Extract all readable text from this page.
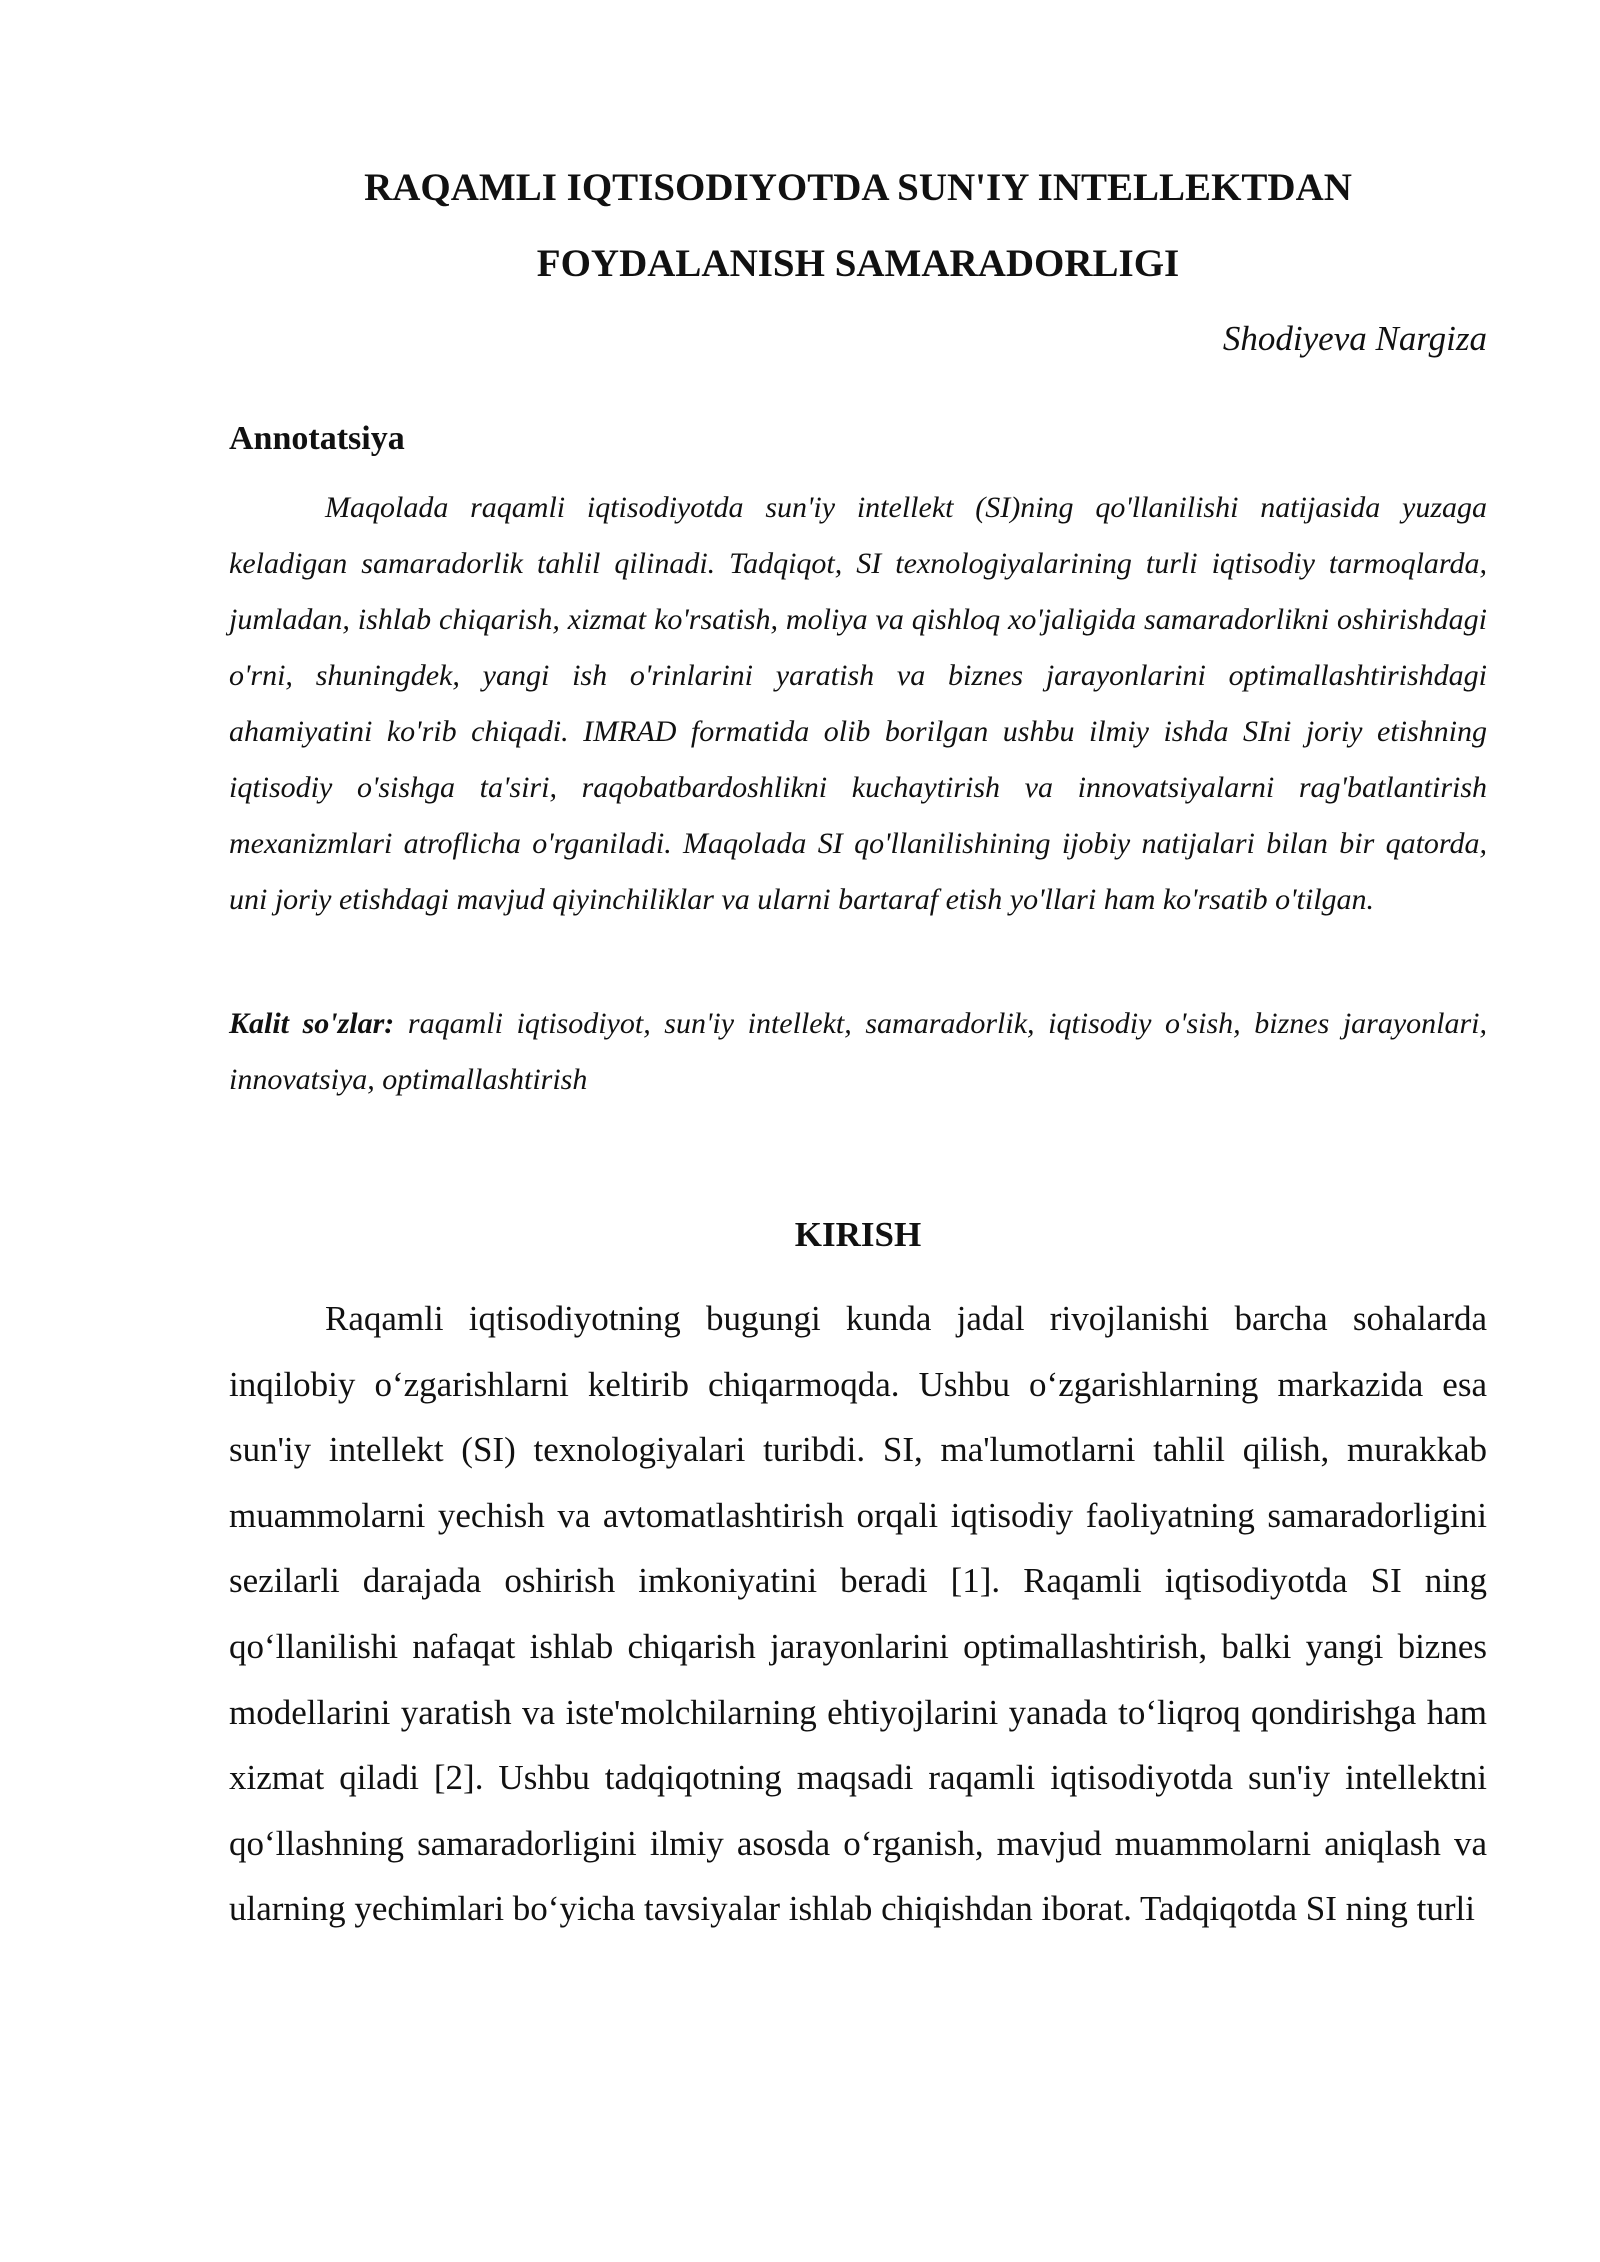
RAQAMLI IQTISODIYOTDA SUN'IY INTELLEKTDAN
FOYDALANISH SAMARADORLIGI

Shodiyeva Nargiza

Annotatsiya

Maqolada raqamli iqtisodiyotda sun'iy intellekt (SI)ning qo'llanilishi natijasida yuzaga keladigan samaradorlik tahlil qilinadi. Tadqiqot, SI texnologiyalarining turli iqtisodiy tarmoqlarda, jumladan, ishlab chiqarish, xizmat ko'rsatish, moliya va qishloq xo'jaligida samaradorlikni oshirishdagi o'rni, shuningdek, yangi ish o'rinlarini yaratish va biznes jarayonlarini optimallashtirishdagi ahamiyatini ko'rib chiqadi. IMRAD formatida olib borilgan ushbu ilmiy ishda SIni joriy etishning iqtisodiy o'sishga ta'siri, raqobatbardoshlikni kuchaytirish va innovatsiyalarni rag'batlantirish mexanizmlari atroflicha o'rganiladi. Maqolada SI qo'llanilishining ijobiy natijalari bilan bir qatorda, uni joriy etishdagi mavjud qiyinchiliklar va ularni bartaraf etish yo'llari ham ko'rsatib o'tilgan.

Kalit so'zlar: raqamli iqtisodiyot, sun'iy intellekt, samaradorlik, iqtisodiy o'sish, biznes jarayonlari, innovatsiya, optimallashtirish

KIRISH

Raqamli iqtisodiyotning bugungi kunda jadal rivojlanishi barcha sohalarda inqilobiy oʻzgarishlarni keltirib chiqarmoqda. Ushbu oʻzgarishlarning markazida esa sun'iy intellekt (SI) texnologiyalari turibdi. SI, ma'lumotlarni tahlil qilish, murakkab muammolarni yechish va avtomatlashtirish orqali iqtisodiy faoliyatning samaradorligini sezilarli darajada oshirish imkoniyatini beradi [1]. Raqamli iqtisodiyotda SI ning qoʻllanilishi nafaqat ishlab chiqarish jarayonlarini optimallashtirish, balki yangi biznes modellarini yaratish va iste'molchilarning ehtiyojlarini yanada toʻliqroq qondirishga ham xizmat qiladi [2]. Ushbu tadqiqotning maqsadi raqamli iqtisodiyotda sun'iy intellektni qoʻllashning samaradorligini ilmiy asosda oʻrganish, mavjud muammolarni aniqlash va ularning yechimlari boʻyicha tavsiyalar ishlab chiqishdan iborat. Tadqiqotda SI ning turli
